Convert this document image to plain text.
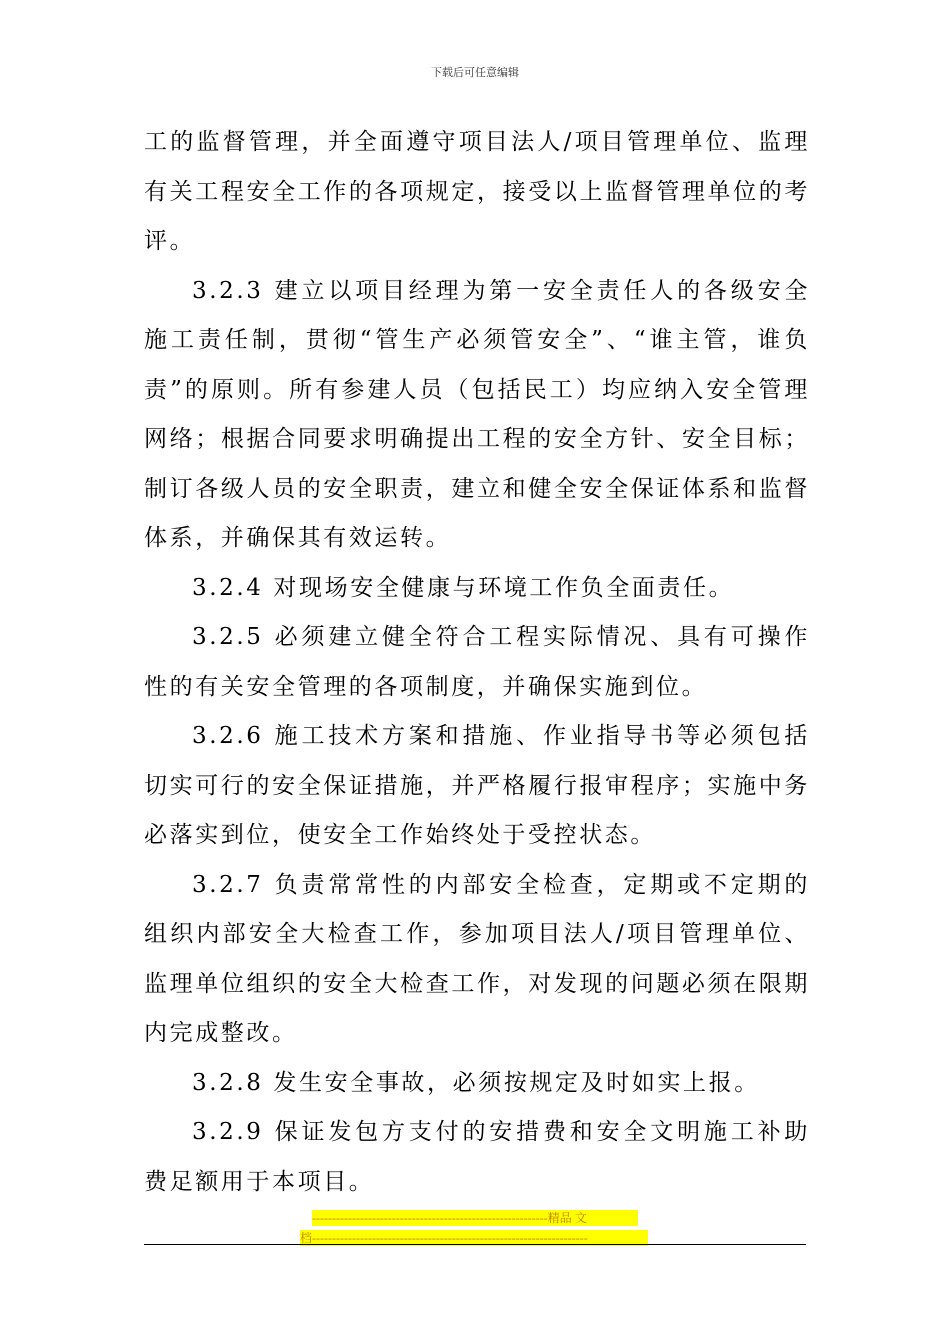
下载后可任意编辑

工的监督管理，并全面遵守项目法人/项目管理单位、监理有关工程安全工作的各项规定，接受以上监督管理单位的考评。

3.2.3 建立以项目经理为第一安全责任人的各级安全施工责任制，贯彻“管生产必须管安全”、“谁主管，谁负责”的原则。所有参建人员（包括民工）均应纳入安全管理网络；根据合同要求明确提出工程的安全方针、安全目标；制订各级人员的安全职责，建立和健全安全保证体系和监督体系，并确保其有效运转。

3.2.4 对现场安全健康与环境工作负全面责任。

3.2.5 必须建立健全符合工程实际情况、具有可操作性的有关安全管理的各项制度，并确保实施到位。

3.2.6 施工技术方案和措施、作业指导书等必须包括切实可行的安全保证措施，并严格履行报审程序；实施中务必落实到位，使安全工作始终处于受控状态。

3.2.7 负责常常性的内部安全检查，定期或不定期的组织内部安全大检查工作，参加项目法人/项目管理单位、监理单位组织的安全大检查工作，对发现的问题必须在限期内完成整改。

3.2.8 发生安全事故，必须按规定及时如实上报。

3.2.9 保证发包方支付的安措费和安全文明施工补助费足额用于本项目。

-----------------------------------------------------------精品 文
档---------------------------------------------------------------------
